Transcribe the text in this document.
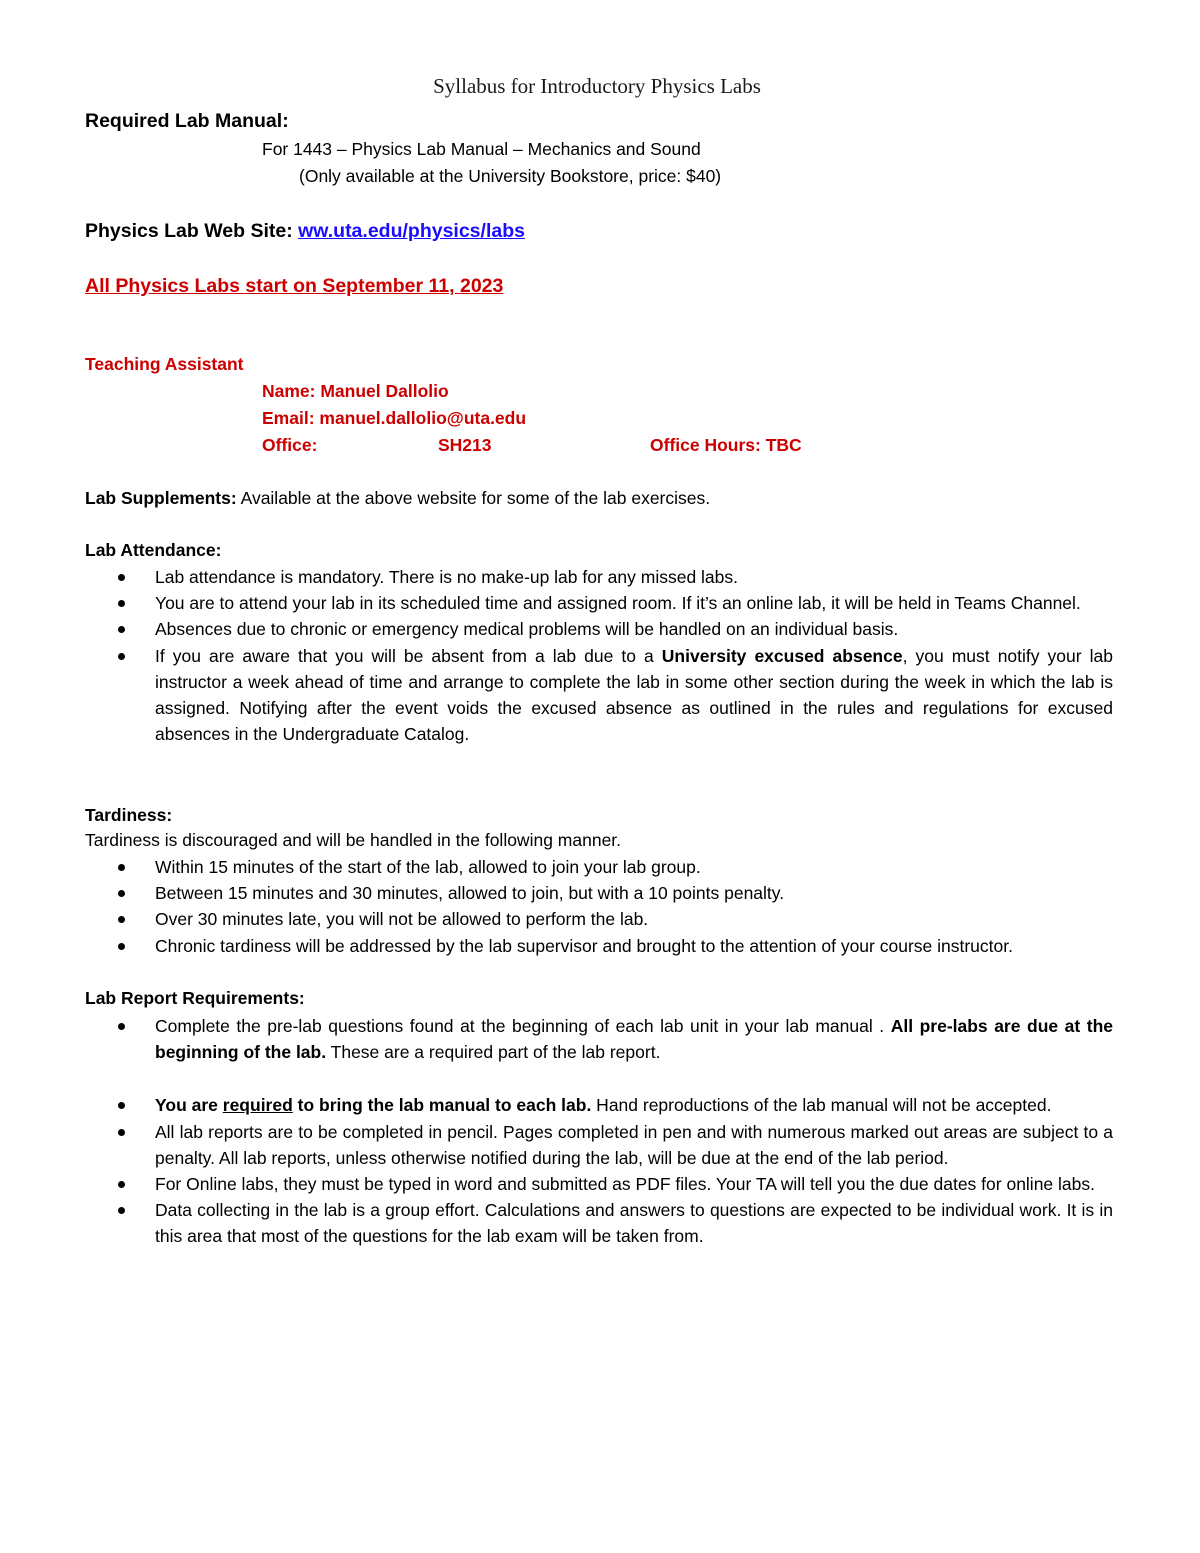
Syllabus for Introductory Physics Labs
Required Lab Manual:
For 1443 – Physics Lab Manual – Mechanics and Sound
(Only available at the University Bookstore, price: $40)
Physics Lab Web Site: ww.uta.edu/physics/labs
All Physics Labs start on September 11, 2023
Teaching Assistant
Name: Manuel Dallolio
Email: manuel.dallolio@uta.edu
Office:	SH213	Office Hours: TBC
Lab Supplements: Available at the above website for some of the lab exercises.
Lab Attendance:
Lab attendance is mandatory. There is no make-up lab for any missed labs.
You are to attend your lab in its scheduled time and assigned room. If it’s an online lab, it will be held in Teams Channel.
Absences due to chronic or emergency medical problems will be handled on an individual basis.
If you are aware that you will be absent from a lab due to a University excused absence, you must notify your lab instructor a week ahead of time and arrange to complete the lab in some other section during the week in which the lab is assigned. Notifying after the event voids the excused absence as outlined in the rules and regulations for excused absences in the Undergraduate Catalog.
Tardiness:
Tardiness is discouraged and will be handled in the following manner.
Within 15 minutes of the start of the lab, allowed to join your lab group.
Between 15 minutes and 30 minutes, allowed to join, but with a 10 points penalty.
Over 30 minutes late, you will not be allowed to perform the lab.
Chronic tardiness will be addressed by the lab supervisor and brought to the attention of your course instructor.
Lab Report Requirements:
Complete the pre-lab questions found at the beginning of each lab unit in your lab manual . All pre-labs are due at the beginning of the lab. These are a required part of the lab report.
You are required to bring the lab manual to each lab. Hand reproductions of the lab manual will not be accepted.
All lab reports are to be completed in pencil. Pages completed in pen and with numerous marked out areas are subject to a penalty. All lab reports, unless otherwise notified during the lab, will be due at the end of the lab period.
For Online labs, they must be typed in word and submitted as PDF files. Your TA will tell you the due dates for online labs.
Data collecting in the lab is a group effort. Calculations and answers to questions are expected to be individual work. It is in this area that most of the questions for the lab exam will be taken from.
